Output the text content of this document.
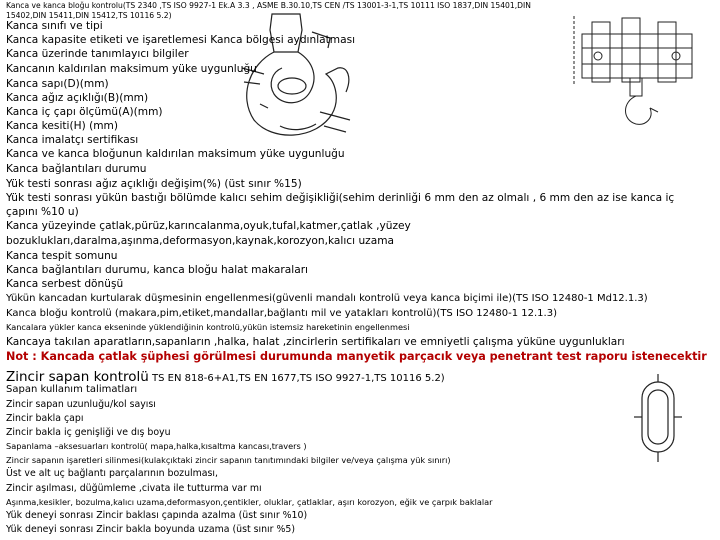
Kanca ve kanca bloğu kontrolu(TS 2340 ,TS ISO 9927-1 Ek.A 3.3 , ASME B.30.10,TS CEN /TS 13001-3-1,TS 10111 ISO 1837,DIN 15401,DIN
15402,DIN 15411,DIN 15412,TS 10116 5.2)
Kanca sınıfı ve tipi
Kanca kapasite etiketi ve işaretlemesi Kanca bölgesi aydınlatması
Kanca üzerinde tanımlayıcı bilgiler
Kancanın kaldırılan maksimum yüke uygunluğu
Kanca sapı(D)(mm)
Kanca ağız açıklığı(B)(mm)
Kanca iç çapı ölçümü(A)(mm)
Kanca kesiti(H) (mm)
Kanca imalatçı sertifikası
Kanca ve kanca bloğunun kaldırılan maksimum yüke uygunluğu
Kanca bağlantıları durumu
Yük testi sonrası ağız açıklığı değişim(%) (üst sınır %15)
Yük testi sonrası yükün bastığı bölümde kalıcı sehim değişikliği(sehim derinliği 6 mm den az olmalı , 6 mm den az ise kanca iç
çapını %10 u)
Kanca yüzeyinde çatlak,pürüz,karıncalanma,oyuk,tufal,katmer,çatlak ,yüzey
bozuklukları,daralma,aşınma,deformasyon,kaynak,korozyon,kalıcı uzama
Kanca tespit somunu
Kanca bağlantıları durumu, kanca bloğu halat makaraları
Kanca serbest dönüşü
Yükün kancadan kurtularak düşmesinin engellenmesi(güvenli mandalı kontrolü veya kanca biçimi ile)(TS ISO 12480-1 Md12.1.3)
Kanca bloğu kontrolü (makara,pim,etiket,mandallar,bağlantı mil ve yatakları kontrolü)(TS ISO 12480-1 12.1.3)
Kancalara yükler kanca ekseninde yüklendiğinin kontrolü,yükün istemsiz hareketinin engellenmesi
Kancaya takılan aparatların,sapanların ,halka, halat ,zincirlerin sertifikaları ve emniyetli çalışma yüküne uygunlukları
Not : Kancada çatlak şüphesi görülmesi durumunda manyetik parçacık veya penetrant test raporu istenecektir
Zincir sapan kontrolü TS EN 818-6+A1,TS EN 1677,TS ISO 9927-1,TS 10116 5.2)
Sapan kullanım talimatları
Zincir sapan uzunluğu/kol sayısı
Zincir bakla çapı
Zincir bakla iç genişliği ve dış boyu
Sapanlama –aksesuarları kontrolü( mapa,halka,kısaltma kancası,travers )
Zincir sapanın işaretleri silinmesi(kulakçıktaki zincir sapanın tanıtımındaki bilgiler ve/veya çalışma yük sınırı)
Üst ve alt uç bağlantı parçalarının bozulması,
Zincir aşılması, düğümleme ,civata ile tutturma var mı
Aşınma,kesikler, bozulma,kalıcı uzama,deformasyon,çentikler, oluklar, çatlaklar, aşırı korozyon, eğik ve çarpık baklalar
Yük deneyi sonrası Zincir baklası çapında azalma (üst sınır %10)
Yük deneyi sonrası Zincir bakla boyunda uzama (üst sınır %5)
